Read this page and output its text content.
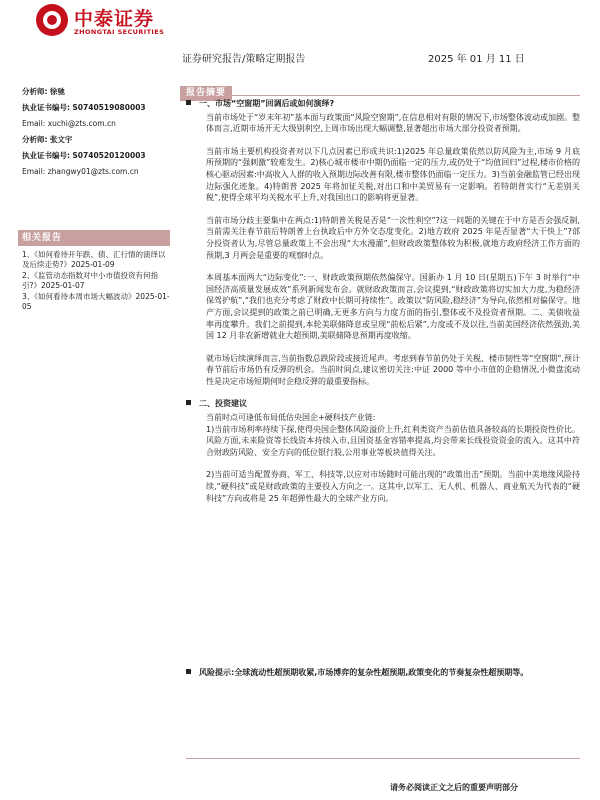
中泰证券
ZHONGTAI SECURITIES
证券研究报告/策略定期报告	2025 年 01 月 11 日
分析师: 徐驰
执业证书编号: S0740519080003
Email: xuchi@zts.com.cn
分析师: 张文宇
执业证书编号: S0740520120003
Email: zhangwy01@zts.com.cn
相关报告
1、《如何看待开年跌、债、汇行情的演绎以及后续走势?》2025-01-09
2、《监管动态指数对中小市值投资有何指引?》2025-01-07
3、《如何看待本周市场大幅波动》2025-01-05
报告摘要
一、市场“空窗期”回调后或如何演绎?

当前市场处于“岁末年初”基本面与政策面“风险空窗期”,在信息相对有限的情况下,市场整体波动或加剧。整体而言,近期市场开无大级别利空,上周市场出现大幅调整,显著超出市场大部分投资者预期。

当前市场主要机构投资者对以下几点因素已形成共识:1)2025 年总量政策依然以防风险为主,市场 9 月底所预期的“强刺激”较难发生。2)核心城市楼市中期仍面临一定的压力,或仍处于“均值回归”过程,楼市价格的核心驱动因素:中高收入人群的收入预期边际改善有限,楼市整体仍面临一定压力。3)当前金融监管已经出现边际强化迹象。4)特朗普 2025 年将加征关税,对出口和中美贸易有一定影响。若特朗普实行“无差别关税”,使得全球平均关税水平上升,对我国出口的影响将更显著。

当前市场分歧主要集中在两点:1)特朗普关税是否是“一次性利空”?这一问题的关键在于中方是否会强反制,当前需关注春节前后特朗普上台执政后中方外交态度变化。2)地方政府 2025 年是否显著“大干快上”?部分投资者认为,尽管总量政策上不会出现“大水漫灌”,但财政政策整体较为积极,就地方政府经济工作方面的预期,3 月两会是重要的观察时点。

本周基本面两大“边际变化”:一、财政政策预期依然偏保守。国新办 1 月 10 日(星期五)下午 3 时举行“中国经济高质量发展成效”系列新闻发布会。就财政政策而言,会议提到,“财政政策将切实加大力度,为稳经济保驾护航”,“我们也充分考虑了财政中长期可持续性”。政策以“防风险,稳经济”为导向,依然相对偏保守。地产方面,会议提到的政策之前已明确,无更多方向与力度方面的指引,整体或不及投资者预期。二、美债收益率再度攀升。我们之前提到,本轮美联储降息或呈现“前松后紧”,力度或不及以往,当前美国经济依然强劲,美国 12 月非农新增就业大超预期,美联储降息预期再度收缩。

就市场后续演绎而言,当前指数总跌阶段或接近尾声。考虑到春节前仍处于关税、楼市韧性等“空窗期”,预计春节前后市场仍有反弹的机会。当前时间点,建议密切关注:中证 2000 等中小市值的企稳情况,小微盘流动性是决定市场短期何时企稳反弹的最重要指标。

二、投资建议

当前时点可逢低布局低估央国企+硬科技产业链:

1)当前市场利率持续下探,使得央国企整体风险溢价上升,红利类资产当前估值具备较高的长期投资性价比。风险方面,未来险资等长线资本持续入市,且国资基金容错率提高,均会带来长线投资资金的流入。这其中符合财政防风险、安全方向的低位银行股,公用事业等板块值得关注。

2)当前可适当配置券商、军工、科技等,以应对市场随时可能出现的“政策出击”预期。当前中美地缘风险持续,“硬科技”或是财政政策的主要投入方向之一。这其中,以军工、无人机、机器人、商业航天为代表的“硬科技”方向或将是 25 年超弹性最大的全球产业方向。

风险提示:全球流动性超预期收紧,市场博弈的复杂性超预期,政策变化的节奏复杂性超预期等。
请务必阅读正文之后的重要声明部分
